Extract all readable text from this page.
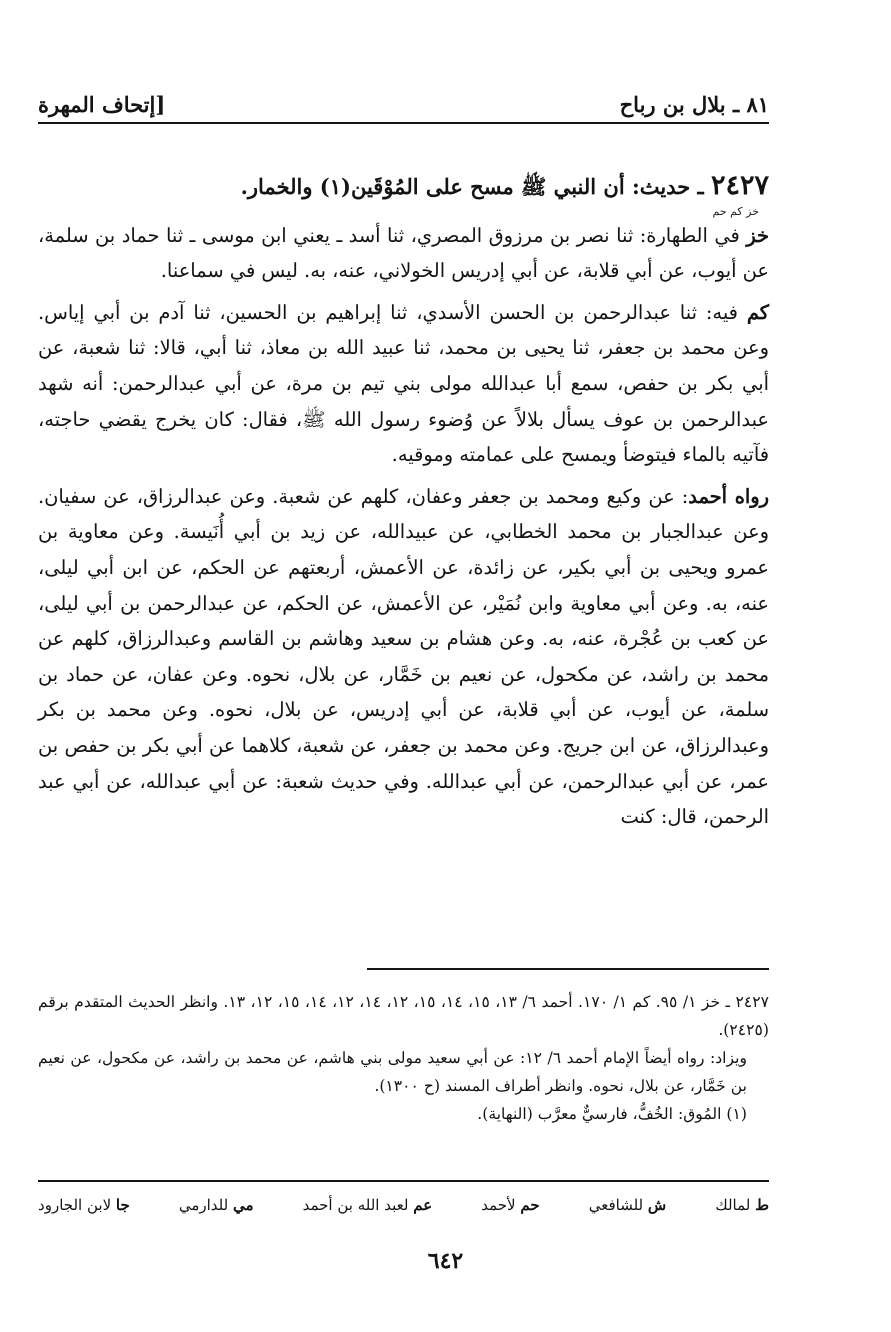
٨١ ـ بلال بن رباح
[إتحاف المهرة

٢٤٢٧ ـ حديث: أن النبي ﷺ مسح على المُوْقَين(١) والخمار.

خز كم حم

خز في الطهارة: ثنا نصر بن مرزوق المصري، ثنا أسد ـ يعني ابن موسى ـ ثنا حماد بن سلمة، عن أيوب، عن أبي قلابة، عن أبي إدريس الخولاني، عنه، به. ليس في سماعنا.

كم فيه: ثنا عبدالرحمن بن الحسن الأسدي، ثنا إبراهيم بن الحسين، ثنا آدم بن أبي إياس. وعن محمد بن جعفر، ثنا يحيى بن محمد، ثنا عبيد الله بن معاذ، ثنا أبي، قالا: ثنا شعبة، عن أبي بكر بن حفص، سمع أبا عبدالله مولى بني تيم بن مرة، عن أبي عبدالرحمن: أنه شهد عبدالرحمن بن عوف يسأل بلالاً عن وُضوء رسول الله ﷺ، فقال: كان يخرج يقضي حاجته، فآتيه بالماء فيتوضأ ويمسح على عمامته وموقيه.

رواه أحمد: عن وكيع ومحمد بن جعفر وعفان، كلهم عن شعبة. وعن عبدالرزاق، عن سفيان. وعن عبدالجبار بن محمد الخطابي، عن عبيدالله، عن زيد بن أبي أُنَيسة. وعن معاوية بن عمرو ويحيى بن أبي بكير، عن زائدة، عن الأعمش، أربعتهم عن الحكم، عن ابن أبي ليلى، عنه، به. وعن أبي معاوية وابن نُمَيْر، عن الأعمش، عن الحكم، عن عبدالرحمن بن أبي ليلى، عن كعب بن عُجْرة، عنه، به. وعن هشام بن سعيد وهاشم بن القاسم وعبدالرزاق، كلهم عن محمد بن راشد، عن مكحول، عن نعيم بن خَمَّار، عن بلال، نحوه. وعن عفان، عن حماد بن سلمة، عن أيوب، عن أبي قلابة، عن أبي إدريس، عن بلال، نحوه. وعن محمد بن بكر وعبدالرزاق، عن ابن جريج. وعن محمد بن جعفر، عن شعبة، كلاهما عن أبي بكر بن حفص بن عمر، عن أبي عبدالرحمن، عن أبي عبدالله. وفي حديث شعبة: عن أبي عبدالله، عن أبي عبد الرحمن، قال: كنت

٢٤٢٧ ـ خز ١/ ٩٥. كم ١/ ١٧٠. أحمد ٦/ ١٣، ١٥، ١٤، ١٥، ١٢، ١٤، ١٢، ١٤، ١٥، ١٢، ١٣. وانظر الحديث المتقدم برقم (٢٤٢٥).

ويزاد: رواه أيضاً الإمام أحمد ٦/ ١٢: عن أبي سعيد مولى بني هاشم، عن محمد بن راشد، عن مكحول، عن نعيم بن خَمَّار، عن بلال، نحوه. وانظر أطراف المسند (ح ١٣٠٠).

(١) المُوق: الخُفُّ، فارسيٌّ معرَّب (النهاية).

ط لمالك
ش للشافعي
حم لأحمد
عم لعبد الله بن أحمد
مي للدارمي
جا لابن الجارود
٦٤٢
